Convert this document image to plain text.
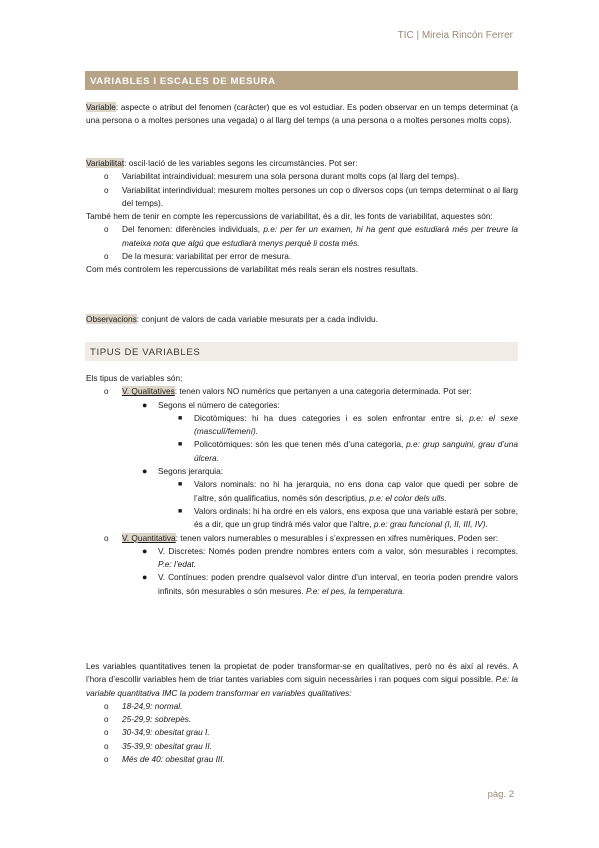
TIC | Mireia Rincón Ferrer
VARIABLES I ESCALES DE MESURA

Variable: aspecte o atribut del fenomen (caràcter) que es vol estudiar. Es poden observar en un temps determinat (a una persona o a moltes persones una vegada) o al llarg del temps (a una persona o a moltes persones molts cops).

Variabilitat: oscil·lació de les variables segons les circumstàncies. Pot ser:

o Variabilitat intraindividual: mesurem una sola persona durant molts cops (al llarg del temps).
o Variabilitat interindividual: mesurem moltes persones un cop o diversos cops (un temps determinat o al llarg del temps).

També hem de tenir en compte les repercussions de variabilitat, és a dir, les fonts de variabilitat, aquestes són:

o Del fenomen: diferències individuals, p.e: per fer un examen, hi ha gent que estudiarà més per treure la mateixa nota que algú que estudiarà menys perquè li costa més.
o De la mesura: variabilitat per error de mesura.

Com més controlem les repercussions de variabilitat més reals seran els nostres resultats.

Observacions: conjunt de valors de cada variable mesurats per a cada individu.

TIPUS DE VARIABLES

Els tipus de variables són:

o V. Qualitatives: tenen valors NO numèrics que pertanyen a una categoria determinada. Pot ser:
● Segons el número de categories:
■ Dicotòmiques: hi ha dues categories i es solen enfrontar entre si, p.e: el sexe (masculí/femení).
■ Policotòmiques: són les que tenen més d’una categoria, p.e: grup sanguini, grau d’una úlcera.
● Segons jerarquia:
■ Valors nominals: no hi ha jerarquia, no ens dona cap valor que quedi per sobre de l’altre, són qualificatius, només són descriptius, p.e: el color dels ulls.
■ Valors ordinals: hi ha ordre en els valors, ens exposa que una variable estarà per sobre, és a dir, que un grup tindrà més valor que l’altre, p.e: grau funcional (I, II, III, IV).
o V. Quantitativa: tenen valors numerables o mesurables i s’expressen en xifres numèriques. Poden ser:
● V. Discretes: Només poden prendre nombres enters com a valor, són mesurables i recomptes. P.e: l’edat.
● V. Contínues: poden prendre qualsevol valor dintre d’un interval, en teoria poden prendre valors infinits, són mesurables o són mesures. P.e: el pes, la temperatura.

Les variables quantitatives tenen la propietat de poder transformar-se en qualitatives, però no és així al revés. A l’hora d’escollir variables hem de triar tantes variables com siguin necessàries i ran poques com sigui possible. P.e: la variable quantitativa IMC la podem transformar en variables qualitatives:

o 18-24,9: normal.
o 25-29,9: sobrepès.
o 30-34,9: obesitat grau I.
o 35-39,9: obesitat grau II.
o Més de 40: obesitat grau III.
pàg. 2
